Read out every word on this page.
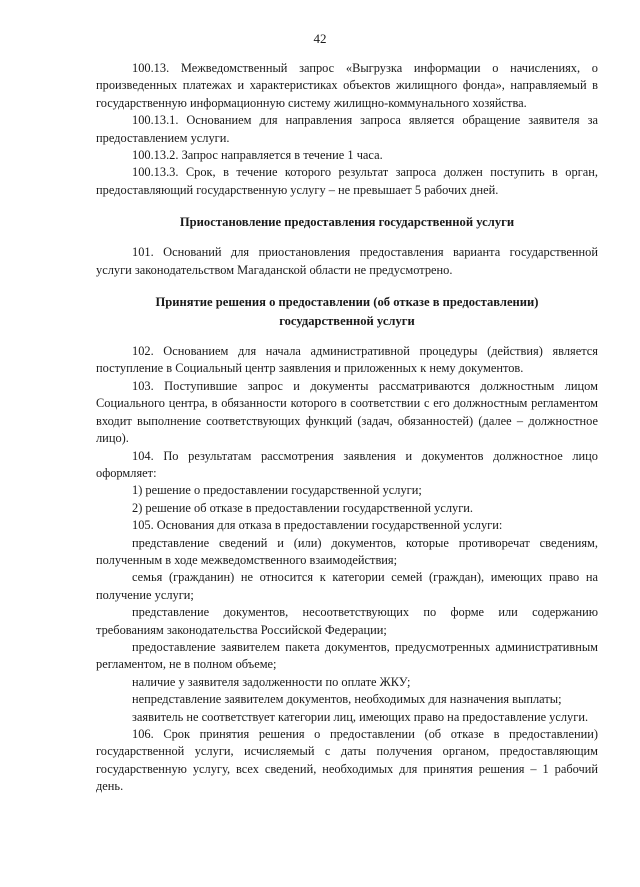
42

100.13. Межведомственный запрос «Выгрузка информации о начислениях, о произведенных платежах и характеристиках объектов жилищного фонда», направляемый в государственную информационную систему жилищно-коммунального хозяйства.

100.13.1. Основанием для направления запроса является обращение заявителя за предоставлением услуги.

100.13.2. Запрос направляется в течение 1 часа.

100.13.3. Срок, в течение которого результат запроса должен поступить в орган, предоставляющий государственную услугу – не превышает 5 рабочих дней.

Приостановление предоставления государственной услуги

101. Оснований для приостановления предоставления варианта государственной услуги законодательством Магаданской области не предусмотрено.

Принятие решения о предоставлении (об отказе в предоставлении) государственной услуги

102. Основанием для начала административной процедуры (действия) является поступление в Социальный центр заявления и приложенных к нему документов.

103. Поступившие запрос и документы рассматриваются должностным лицом Социального центра, в обязанности которого в соответствии с его должностным регламентом входит выполнение соответствующих функций (задач, обязанностей) (далее – должностное лицо).

104. По результатам рассмотрения заявления и документов должностное лицо оформляет:

1) решение о предоставлении государственной услуги;

2) решение об отказе в предоставлении государственной услуги.

105. Основания для отказа в предоставлении государственной услуги:

представление сведений и (или) документов, которые противоречат сведениям, полученным в ходе межведомственного взаимодействия;

семья (гражданин) не относится к категории семей (граждан), имеющих право на получение услуги;

представление документов, несоответствующих по форме или содержанию требованиям законодательства Российской Федерации;

предоставление заявителем пакета документов, предусмотренных административным регламентом, не в полном объеме;

наличие у заявителя задолженности по оплате ЖКУ;

непредставление заявителем документов, необходимых для назначения выплаты;

заявитель не соответствует категории лиц, имеющих право на предоставление услуги.

106. Срок принятия решения о предоставлении (об отказе в предоставлении) государственной услуги, исчисляемый с даты получения органом, предоставляющим государственную услугу, всех сведений, необходимых для принятия решения – 1 рабочий день.
